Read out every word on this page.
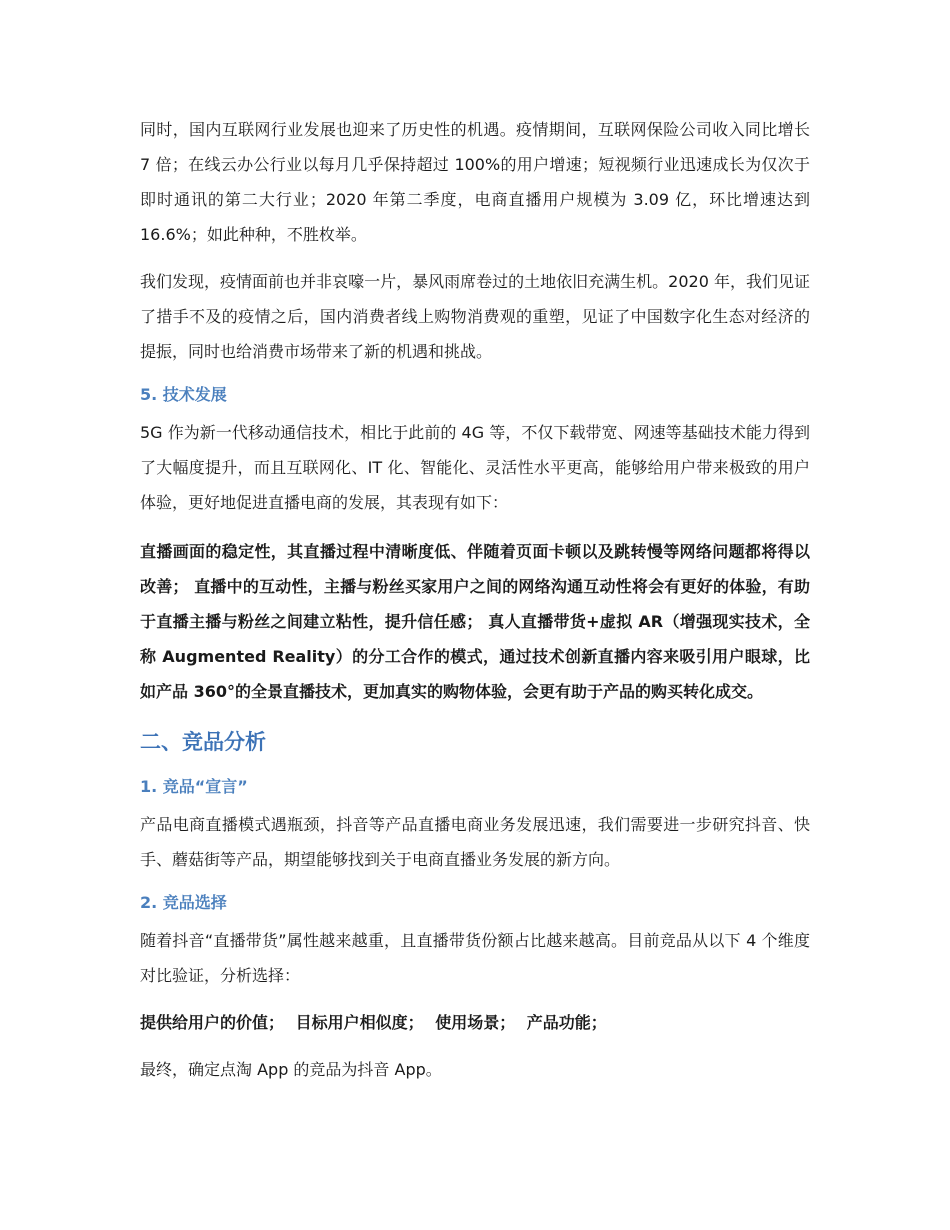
同时，国内互联网行业发展也迎来了历史性的机遇。疫情期间，互联网保险公司收入同比增长 7 倍；在线云办公行业以每月几乎保持超过 100%的用户增速；短视频行业迅速成长为仅次于即时通讯的第二大行业；2020 年第二季度，电商直播用户规模为 3.09 亿，环比增速达到 16.6%；如此种种，不胜枚举。

我们发现，疫情面前也并非哀嚎一片，暴风雨席卷过的土地依旧充满生机。2020 年，我们见证了措手不及的疫情之后，国内消费者线上购物消费观的重塑，见证了中国数字化生态对经济的提振，同时也给消费市场带来了新的机遇和挑战。

5. 技术发展

5G 作为新一代移动通信技术，相比于此前的 4G 等，不仅下载带宽、网速等基础技术能力得到了大幅度提升，而且互联网化、IT 化、智能化、灵活性水平更高，能够给用户带来极致的用户体验，更好地促进直播电商的发展，其表现有如下：

直播画面的稳定性，其直播过程中清晰度低、伴随着页面卡顿以及跳转慢等网络问题都将得以改善； 直播中的互动性，主播与粉丝买家用户之间的网络沟通互动性将会有更好的体验，有助于直播主播与粉丝之间建立粘性，提升信任感； 真人直播带货+虚拟 AR（增强现实技术，全称 Augmented Reality）的分工合作的模式，通过技术创新直播内容来吸引用户眼球，比如产品 360°的全景直播技术，更加真实的购物体验，会更有助于产品的购买转化成交。

二、竞品分析
1. 竞品“宣言”

产品电商直播模式遇瓶颈，抖音等产品直播电商业务发展迅速，我们需要进一步研究抖音、快手、蘑菇街等产品，期望能够找到关于电商直播业务发展的新方向。

2. 竞品选择

随着抖音“直播带货”属性越来越重，且直播带货份额占比越来越高。目前竞品从以下 4 个维度对比验证，分析选择：

提供给用户的价值； 目标用户相似度； 使用场景； 产品功能；

最终，确定点淘 App 的竞品为抖音 App。
